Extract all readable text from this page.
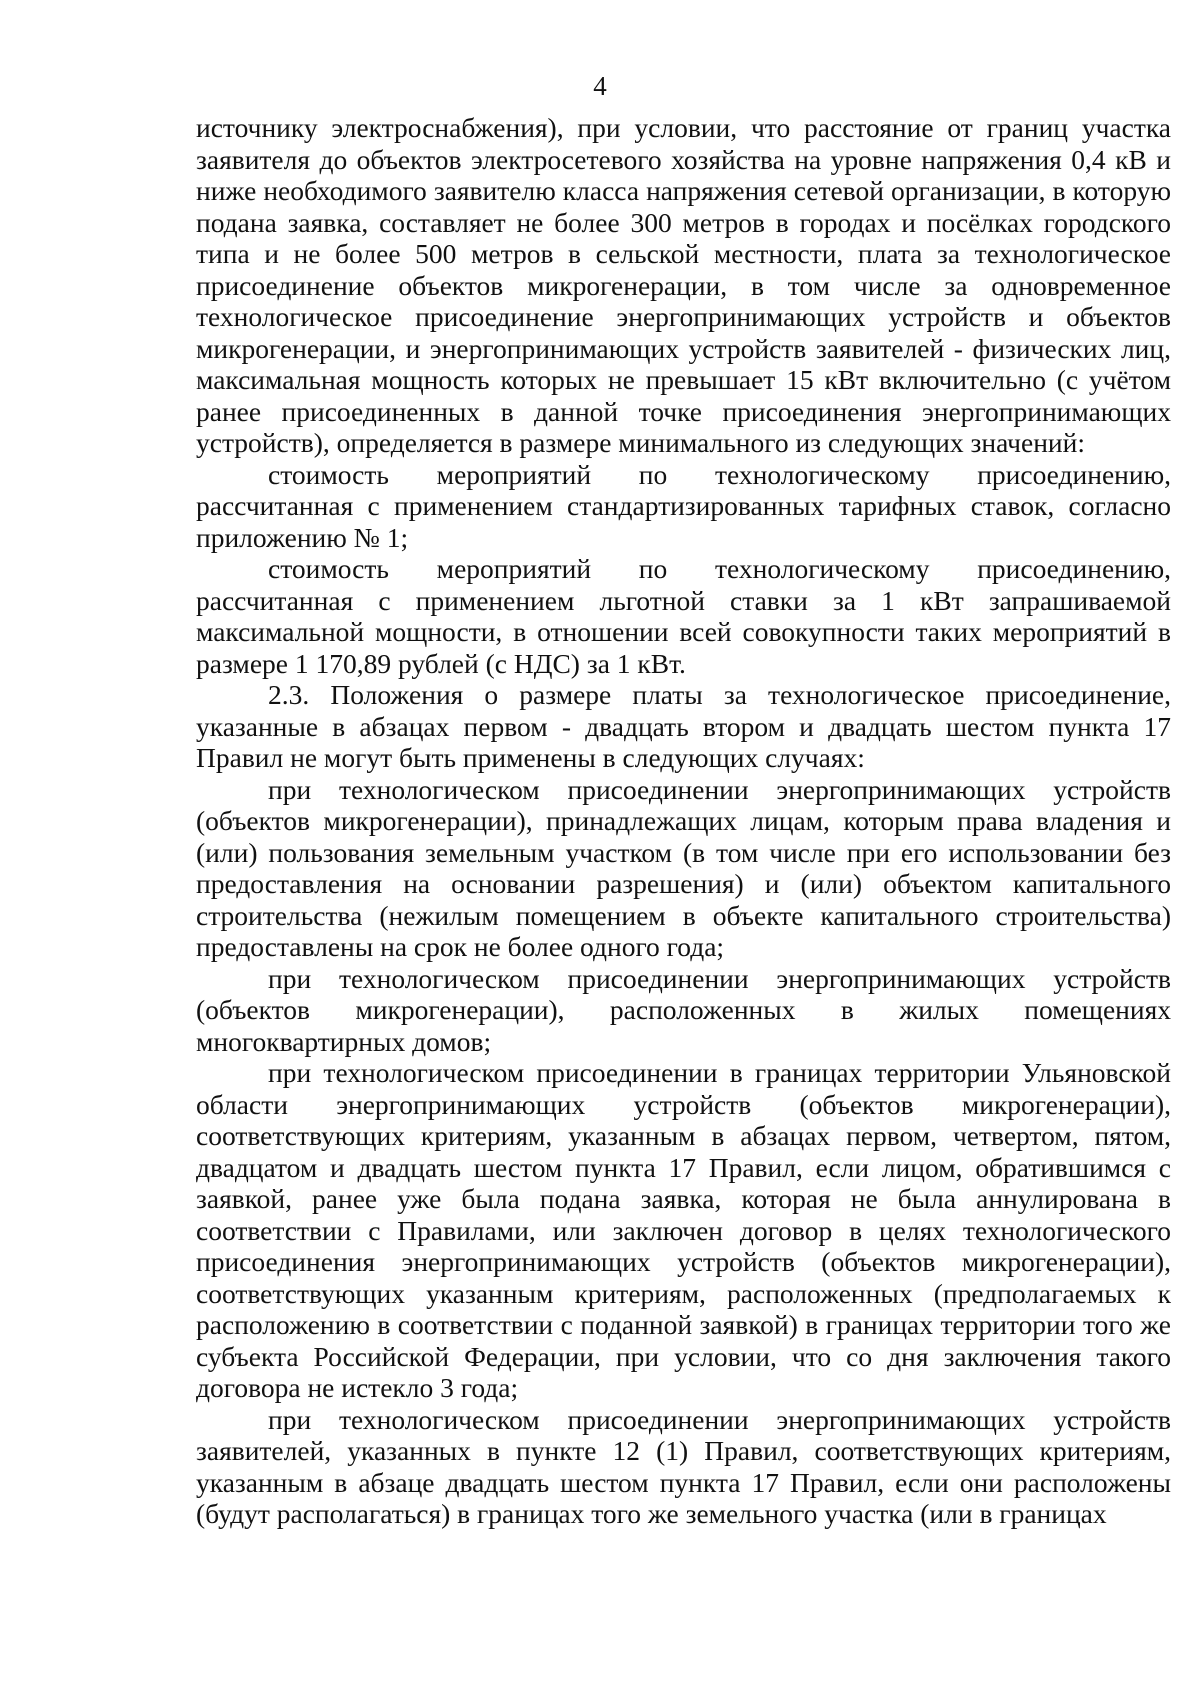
4

источнику электроснабжения), при условии, что расстояние от границ участка заявителя до объектов электросетевого хозяйства на уровне напряжения 0,4 кВ и ниже необходимого заявителю класса напряжения сетевой организации, в которую подана заявка, составляет не более 300 метров в городах и посёлках городского типа и не более 500 метров в сельской местности, плата за технологическое присоединение объектов микрогенерации, в том числе за одновременное технологическое присоединение энергопринимающих устройств и объектов микрогенерации, и энергопринимающих устройств заявителей - физических лиц, максимальная мощность которых не превышает 15 кВт включительно (с учётом ранее присоединенных в данной точке присоединения энергопринимающих устройств), определяется в размере минимального из следующих значений:

стоимость мероприятий по технологическому присоединению, рассчитанная с применением стандартизированных тарифных ставок, согласно приложению № 1;

стоимость мероприятий по технологическому присоединению, рассчитанная с применением льготной ставки за 1 кВт запрашиваемой максимальной мощности, в отношении всей совокупности таких мероприятий в размере 1 170,89 рублей (с НДС) за 1 кВт.

2.3. Положения о размере платы за технологическое присоединение, указанные в абзацах первом - двадцать втором и двадцать шестом пункта 17 Правил не могут быть применены в следующих случаях:

при технологическом присоединении энергопринимающих устройств (объектов микрогенерации), принадлежащих лицам, которым права владения и (или) пользования земельным участком (в том числе при его использовании без предоставления на основании разрешения) и (или) объектом капитального строительства (нежилым помещением в объекте капитального строительства) предоставлены на срок не более одного года;

при технологическом присоединении энергопринимающих устройств (объектов микрогенерации), расположенных в жилых помещениях многоквартирных домов;

при технологическом присоединении в границах территории Ульяновской области энергопринимающих устройств (объектов микрогенерации), соответствующих критериям, указанным в абзацах первом, четвертом, пятом, двадцатом и двадцать шестом пункта 17 Правил, если лицом, обратившимся с заявкой, ранее уже была подана заявка, которая не была аннулирована в соответствии с Правилами, или заключен договор в целях технологического присоединения энергопринимающих устройств (объектов микрогенерации), соответствующих указанным критериям, расположенных (предполагаемых к расположению в соответствии с поданной заявкой) в границах территории того же субъекта Российской Федерации, при условии, что со дня заключения такого договора не истекло 3 года;

при технологическом присоединении энергопринимающих устройств заявителей, указанных в пункте 12 (1) Правил, соответствующих критериям, указанным в абзаце двадцать шестом пункта 17 Правил, если они расположены (будут располагаться) в границах того же земельного участка (или в границах
